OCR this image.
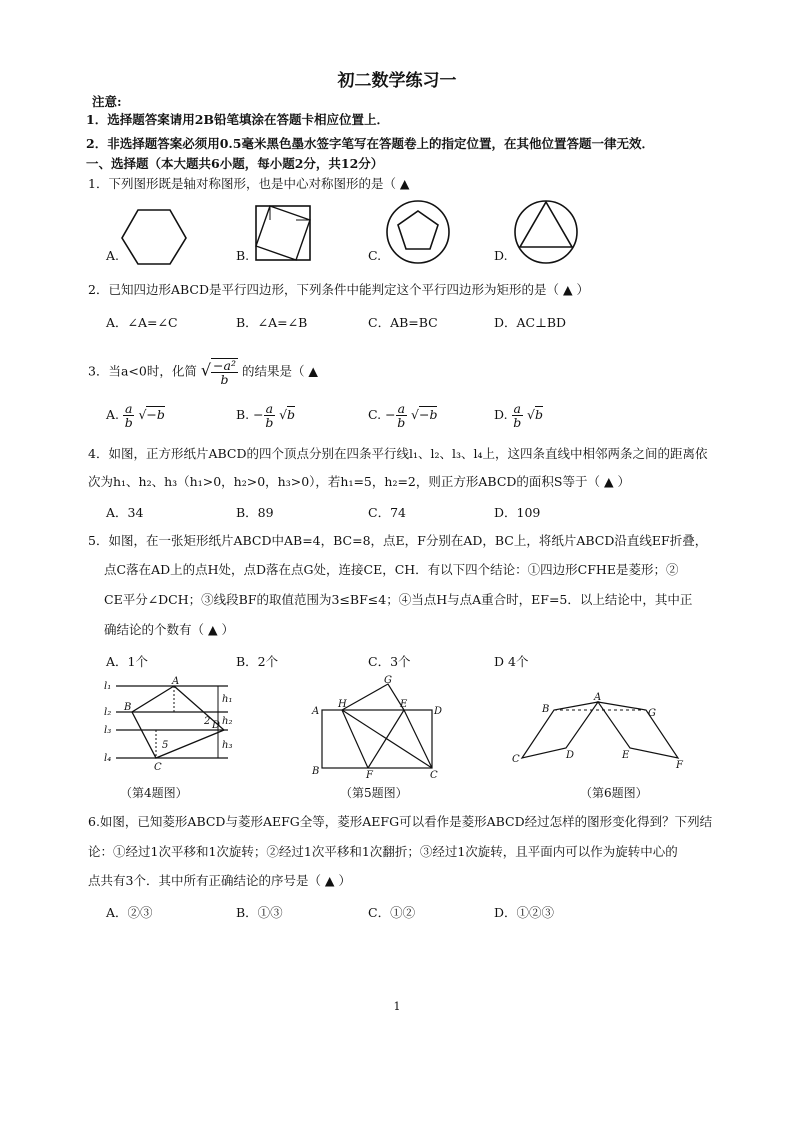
初二数学练习一
注意:
1．选择题答案请用2B铅笔填涂在答题卡相应位置上．
2．非选择题答案必须用0.5毫米黑色墨水签字笔写在答题卷上的指定位置，在其他位置答题一律无效．
一、选择题（本大题共6小题，每小题2分，共12分）
1．下列图形既是轴对称图形，也是中心对称图形的是（ ▲
A.	B.	C.	D.
2．已知四边形ABCD是平行四边形，下列条件中能判定这个平行四边形为矩形的是（ ▲ ）
A．∠A=∠C	B．∠A=∠B	C．AB=BC	D．AC⊥BD
3．当a<0时，化简 √ $\frac{\text{−a²}}{b}$ 的结果是（ ▲
A. $\frac{a}{b} √-b$	B. − $\frac{a}{b} √b$	C. − $\frac{a}{b} √-b$	D. $\frac{a}{b} √b$
4．如图，正方形纸片ABCD的四个顶点分别在四条平行线l₁、l₂、l₃、l₄上，这四条直线中相邻两条之间的距离依
次为h₁、h₂、h₃（h₁>0，h₂>0，h₃>0），若h₁=5，h₂=2，则正方形ABCD的面积S等于（ ▲ ）
A．34	B．89	C．74	D．109
5．如图，在一张矩形纸片ABCD中AB=4，BC=8，点E，F分别在AD，BC上，将纸片ABCD沿直线EF折叠，
点C落在AD上的点H处，点D落在点G处，连接CE，CH．有以下四个结论：①四边形CFHE是菱形；②
CE平分∠DCH；③线段BF的取值范围为3≤BF≤4；④当点H与点A重合时，EF=5．以上结论中，其中正
确结论的个数有（ ▲ ）
A．1个	B．2个	C．3个	D 4个
l₁
l₂
l₃
l₄
A
B
C
D
h₁
h₂
h₃
5
2
（第4题图）
A
H
G
E
D
B	F	C
（第5题图）
A
B	G
C	D	E
F
（第6题图）
6.如图，已知菱形ABCD与菱形AEFG全等，菱形AEFG可以看作是菱形ABCD经过怎样的图形变化得到？下列结
论：①经过1次平移和1次旋转；②经过1次平移和1次翻折；③经过1次旋转，且平面内可以作为旋转中心的
点共有3个．其中所有正确结论的序号是（ ▲ ）
A．②③	B．①③	C．①②	D．①②③
1
